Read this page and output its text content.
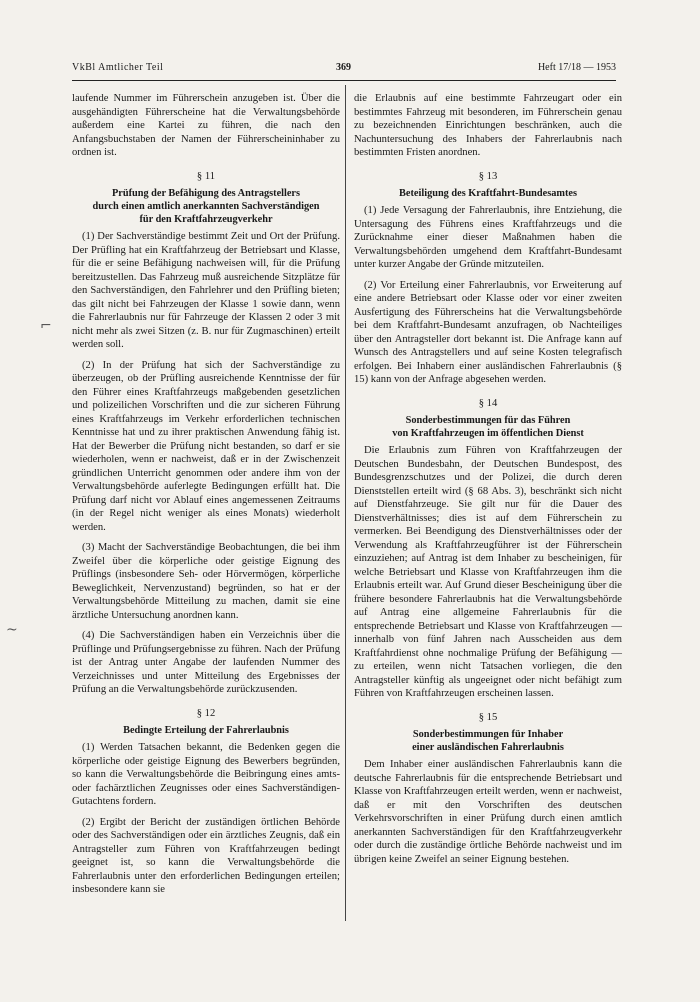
VkBl Amtlicher Teil	369	Heft 17/18 — 1953
⌐
~

laufende Nummer im Führerschein anzugeben ist. Über die ausgehändigten Führerscheine hat die Verwaltungsbehörde außerdem eine Kartei zu führen, die nach den Anfangsbuchstaben der Namen der Führerscheininhaber zu ordnen ist.

§ 11
Prüfung der Befähigung des Antragstellers
durch einen amtlich anerkannten Sachverständigen
für den Kraftfahrzeugverkehr

(1) Der Sachverständige bestimmt Zeit und Ort der Prüfung. Der Prüfling hat ein Kraftfahrzeug der Betriebsart und Klasse, für die er seine Befähigung nachweisen will, für die Prüfung bereitzustellen. Das Fahrzeug muß ausreichende Sitzplätze für den Sachverständigen, den Fahrlehrer und den Prüfling bieten; das gilt nicht bei Fahrzeugen der Klasse 1 sowie dann, wenn die Fahrerlaubnis nur für Fahrzeuge der Klassen 2 oder 3 mit nicht mehr als zwei Sitzen (z. B. nur für Zugmaschinen) erteilt werden soll.

(2) In der Prüfung hat sich der Sachverständige zu überzeugen, ob der Prüfling ausreichende Kenntnisse der für den Führer eines Kraftfahrzeugs maßgebenden gesetzlichen und polizeilichen Vorschriften und die zur sicheren Führung eines Kraftfahrzeugs im Verkehr erforderlichen technischen Kenntnisse hat und zu ihrer praktischen Anwendung fähig ist. Hat der Bewerber die Prüfung nicht bestanden, so darf er sie wiederholen, wenn er nachweist, daß er in der Zwischenzeit gründlichen Unterricht genommen oder andere ihm von der Verwaltungsbehörde auferlegte Bedingungen erfüllt hat. Die Prüfung darf nicht vor Ablauf eines angemessenen Zeitraums (in der Regel nicht weniger als eines Monats) wiederholt werden.

(3) Macht der Sachverständige Beobachtungen, die bei ihm Zweifel über die körperliche oder geistige Eignung des Prüflings (insbesondere Seh- oder Hörvermögen, körperliche Beweglichkeit, Nervenzustand) begründen, so hat er der Verwaltungsbehörde Mitteilung zu machen, damit sie eine ärztliche Untersuchung anordnen kann.

(4) Die Sachverständigen haben ein Verzeichnis über die Prüflinge und Prüfungsergebnisse zu führen. Nach der Prüfung ist der Antrag unter Angabe der laufenden Nummer des Verzeichnisses und unter Mitteilung des Ergebnisses der Prüfung an die Verwaltungsbehörde zurückzusenden.

§ 12
Bedingte Erteilung der Fahrerlaubnis

(1) Werden Tatsachen bekannt, die Bedenken gegen die körperliche oder geistige Eignung des Bewerbers begründen, so kann die Verwaltungsbehörde die Beibringung eines amts- oder fachärztlichen Zeugnisses oder eines Sachverständigen-Gutachtens fordern.

(2) Ergibt der Bericht der zuständigen örtlichen Behörde oder des Sachverständigen oder ein ärztliches Zeugnis, daß ein Antragsteller zum Führen von Kraftfahrzeugen bedingt geeignet ist, so kann die Verwaltungsbehörde die Fahrerlaubnis unter den erforderlichen Bedingungen erteilen; insbesondere kann sie

die Erlaubnis auf eine bestimmte Fahrzeugart oder ein bestimmtes Fahrzeug mit besonderen, im Führerschein genau zu bezeichnenden Einrichtungen beschränken, auch die Nachuntersuchung des Inhabers der Fahrerlaubnis nach bestimmten Fristen anordnen.

§ 13
Beteiligung des Kraftfahrt-Bundesamtes

(1) Jede Versagung der Fahrerlaubnis, ihre Entziehung, die Untersagung des Führens eines Kraftfahrzeugs und die Zurücknahme einer dieser Maßnahmen haben die Verwaltungsbehörden umgehend dem Kraftfahrt-Bundesamt unter kurzer Angabe der Gründe mitzuteilen.

(2) Vor Erteilung einer Fahrerlaubnis, vor Erweiterung auf eine andere Betriebsart oder Klasse oder vor einer zweiten Ausfertigung des Führerscheins hat die Verwaltungsbehörde bei dem Kraftfahrt-Bundesamt anzufragen, ob Nachteiliges über den Antragsteller dort bekannt ist. Die Anfrage kann auf Wunsch des Antragstellers und auf seine Kosten telegrafisch erfolgen. Bei Inhabern einer ausländischen Fahrerlaubnis (§ 15) kann von der Anfrage abgesehen werden.

§ 14
Sonderbestimmungen für das Führen
von Kraftfahrzeugen im öffentlichen Dienst

Die Erlaubnis zum Führen von Kraftfahrzeugen der Deutschen Bundesbahn, der Deutschen Bundespost, des Bundesgrenzschutzes und der Polizei, die durch deren Dienststellen erteilt wird (§ 68 Abs. 3), beschränkt sich nicht auf Dienstfahrzeuge. Sie gilt nur für die Dauer des Dienstverhältnisses; dies ist auf dem Führerschein zu vermerken. Bei Beendigung des Dienstverhältnisses oder der Verwendung als Kraftfahrzeugführer ist der Führerschein einzuziehen; auf Antrag ist dem Inhaber zu bescheinigen, für welche Betriebsart und Klasse von Kraftfahrzeugen ihm die Erlaubnis erteilt war. Auf Grund dieser Bescheinigung über die frühere besondere Fahrerlaubnis hat die Verwaltungsbehörde auf Antrag eine allgemeine Fahrerlaubnis für die entsprechende Betriebsart und Klasse von Kraftfahrzeugen — innerhalb von fünf Jahren nach Ausscheiden aus dem Kraftfahrdienst ohne nochmalige Prüfung der Befähigung — zu erteilen, wenn nicht Tatsachen vorliegen, die den Antragsteller künftig als ungeeignet oder nicht befähigt zum Führen von Kraftfahrzeugen erscheinen lassen.

§ 15
Sonderbestimmungen für Inhaber
einer ausländischen Fahrerlaubnis

Dem Inhaber einer ausländischen Fahrerlaubnis kann die deutsche Fahrerlaubnis für die entsprechende Betriebsart und Klasse von Kraftfahrzeugen erteilt werden, wenn er nachweist, daß er mit den Vorschriften des deutschen Verkehrsvorschriften in einer Prüfung durch einen amtlich anerkannten Sachverständigen für den Kraftfahrzeugverkehr oder durch die zuständige örtliche Behörde nachweist und im übrigen keine Zweifel an seiner Eignung bestehen.
